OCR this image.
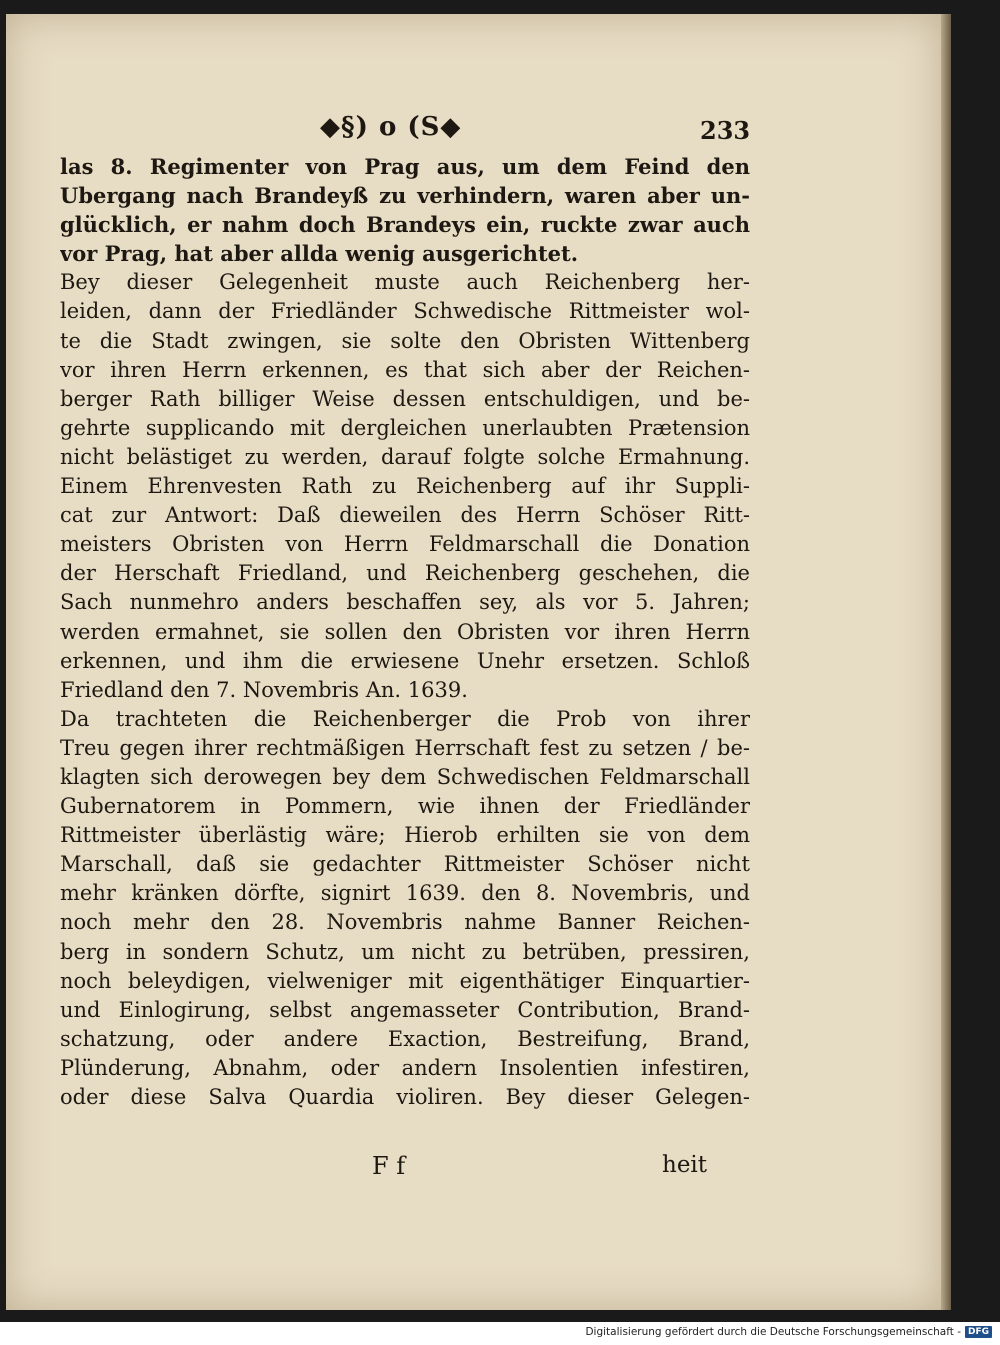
◆§) o (S◆	233
las 8. Regimenter von Prag aus, um dem Feind den
Ubergang nach Brandeyß zu verhindern, waren aber un-
glücklich, er nahm doch Brandeys ein, ruckte zwar auch
vor Prag, hat aber allda wenig ausgerichtet.
Bey dieser Gelegenheit muste auch Reichenberg her-
leiden, dann der Friedländer Schwedische Rittmeister wol-
te die Stadt zwingen, sie solte den Obristen Wittenberg
vor ihren Herrn erkennen, es that sich aber der Reichen-
berger Rath billiger Weise dessen entschuldigen, und be-
gehrte supplicando mit dergleichen unerlaubten Prætension
nicht belästiget zu werden, darauf folgte solche Ermahnung.
Einem Ehrenvesten Rath zu Reichenberg auf ihr Suppli-
cat zur Antwort: Daß dieweilen des Herrn Schöser Ritt-
meisters Obristen von Herrn Feldmarschall die Donation
der Herschaft Friedland, und Reichenberg geschehen, die
Sach nunmehro anders beschaffen sey, als vor 5. Jahren;
werden ermahnet, sie sollen den Obristen vor ihren Herrn
erkennen, und ihm die erwiesene Unehr ersetzen. Schloß
Friedland den 7. Novembris An. 1639.
Da trachteten die Reichenberger die Prob von ihrer
Treu gegen ihrer rechtmäßigen Herrschaft fest zu setzen / be-
klagten sich derowegen bey dem Schwedischen Feldmarschall
Gubernatorem in Pommern, wie ihnen der Friedländer
Rittmeister überlästig wäre; Hierob erhilten sie von dem
Marschall, daß sie gedachter Rittmeister Schöser nicht
mehr kränken dörfte, signirt 1639. den 8. Novembris, und
noch mehr den 28. Novembris nahme Banner Reichen-
berg in sondern Schutz, um nicht zu betrüben, pressiren,
noch beleydigen, vielweniger mit eigenthätiger Einquartier-
und Einlogirung, selbst angemasseter Contribution, Brand-
schatzung, oder andere Exaction, Bestreifung, Brand,
Plünderung, Abnahm, oder andern Insolentien infestiren,
oder diese Salva Quardia violiren. Bey dieser Gelegen-
F f	heit
Digitalisierung gefördert durch die Deutsche Forschungsgemeinschaft - DFG
